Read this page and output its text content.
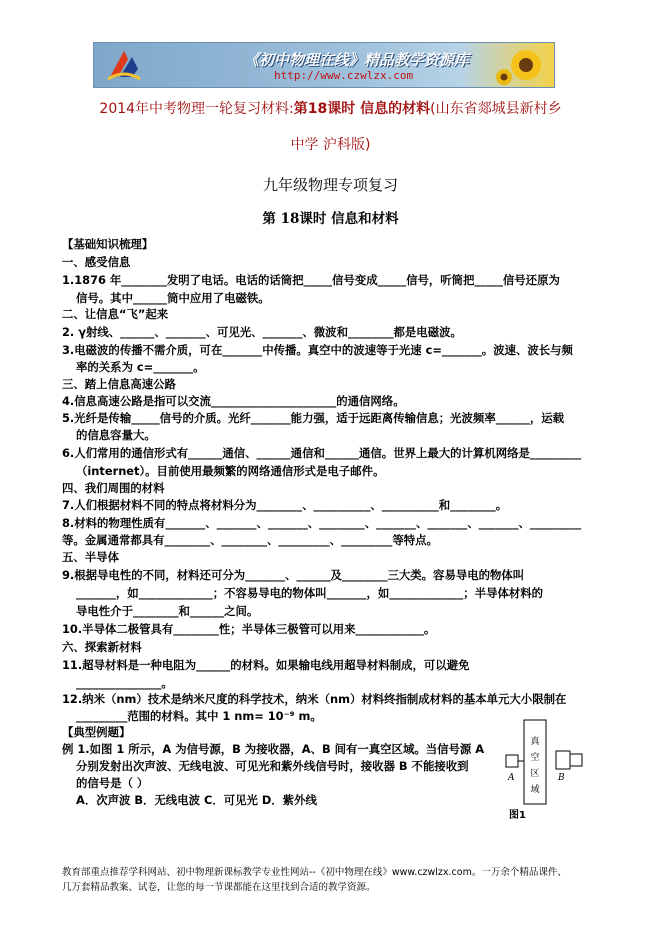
《初中物理在线》精品教学资源库
http://www.czwlzx.com
2014年中考物理一轮复习材料:第18课时 信息的材料(山东省郯城县新村乡
中学 沪科版)
九年级物理专项复习
第 18课时 信息和材料
【基础知识梳理】
一、感受信息
1.1876 年________发明了电话。电话的话筒把_____信号变成_____信号，听筒把_____信号还原为
信号。其中______筒中应用了电磁铁。
二、让信息“飞”起来
2. γ射线、______、_______、可见光、_______、微波和________都是电磁波。
3.电磁波的传播不需介质，可在_______中传播。真空中的波速等于光速 c=_______。波速、波长与频
率的关系为 c=_______。
三、踏上信息高速公路
4.信息高速公路是指可以交流______________________的通信网络。
5.光纤是传输_____信号的介质。光纤_______能力强，适于远距离传输信息；光波频率______，运载
的信息容量大。
6.人们常用的通信形式有______通信、______通信和______通信。世界上最大的计算机网络是_________
（internet）。目前使用最频繁的网络通信形式是电子邮件。
四、我们周围的材料
7.人们根据材料不同的特点将材料分为________、__________、__________和________。
8.材料的物理性质有_______、_______、_______、________、_______、_______、_______、_________
等。金属通常都具有________、________、_________、_________等特点。
五、半导体
9.根据导电性的不同，材料还可分为_______、______及________三大类。容易导电的物体叫
_______，如_____________；不容易导电的物体叫_______，如_____________；半导体材料的
导电性介于________和______之间。
10.半导体二极管具有________性；半导体三极管可以用来____________。
六、探索新材料
11.超导材料是一种电阻为______的材料。如果输电线用超导材料制成，可以避免
_______________。
12.纳米（nm）技术是纳米尺度的科学技术，纳米（nm）材料终指制成材料的基本单元大小限制在
_________范围的材料。其中 1 nm= 10⁻⁹ m。
【典型例题】
例 1.如图 1 所示，A 为信号源，B 为接收器，A、B 间有一真空区域。当信号源 A
分别发射出次声波、无线电波、可见光和紫外线信号时，接收器 B 不能接收到
的信号是（ ）
A．次声波 B．无线电波 C．可见光 D．紫外线
真
空
区
域
A	B
图1
教育部重点推荐学科网站、初中物理新课标教学专业性网站--《初中物理在线》www.czwlzx.com。一万余个精品课件、
几万套精品教案、试卷，让您的每一节课都能在这里找到合适的教学资源。
